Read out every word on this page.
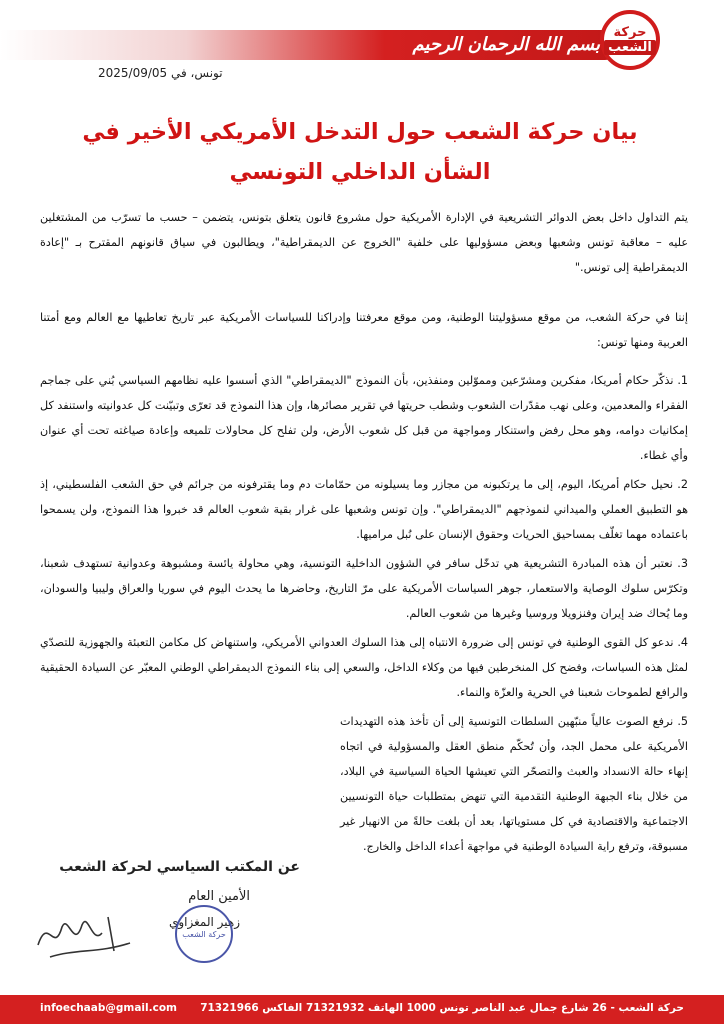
بسم الله الرحمان الرحيم
حركة
الشعب
تونس، في 2025/09/05
بيان حركة الشعب حول التدخل الأمريكي الأخير في الشأن الداخلي التونسي
يتم التداول داخل بعض الدوائر التشريعية في الإدارة الأمريكية حول مشروع قانون يتعلق بتونس، يتضمن – حسب ما تسرّب من المشتغلين عليه – معاقبة تونس وشعبها وبعض مسؤوليها على خلفية "الخروج عن الديمقراطية"، ويطالبون في سياق قانونهم المقترح بـ "إعادة الديمقراطية إلى تونس."
إننا في حركة الشعب، من موقع مسؤوليتنا الوطنية، ومن موقع معرفتنا وإدراكنا للسياسات الأمريكية عبر تاريخ تعاطيها مع العالم ومع أمتنا العربية ومنها تونس:
1. نذكّر حكام أمريكا، مفكرين ومشرّعين ومموّلين ومنفذين، بأن النموذج "الديمقراطي" الذي أسسوا عليه نظامهم السياسي بُني على جماجم الفقراء والمعدمين، وعلى نهب مقدّرات الشعوب وشطب حريتها في تقرير مصائرها، وإن هذا النموذج قد تعرّى وتبيّنت كل عدوانيته واستنفد كل إمكانيات دوامه، وهو محل رفض واستنكار ومواجهة من قبل كل شعوب الأرض، ولن تفلح كل محاولات تلميعه وإعادة صياغته تحت أي عنوان وأي غطاء.
2. نحيل حكام أمريكا، اليوم، إلى ما يرتكبونه من مجازر وما يسيلونه من حمّامات دم وما يقترفونه من جرائم في حق الشعب الفلسطيني، إذ هو التطبيق العملي والميداني لنموذجهم "الديمقراطي". وإن تونس وشعبها على غرار بقية شعوب العالم قد خبروا هذا النموذج، ولن يسمحوا باعتماده مهما تغلّف بمساحيق الحريات وحقوق الإنسان على نُبل مراميها.
3. نعتبر أن هذه المبادرة التشريعية هي تدخّل سافر في الشؤون الداخلية التونسية، وهي محاولة يائسة ومشبوهة وعدوانية تستهدف شعبنا، وتكرّس سلوك الوصاية والاستعمار، جوهر السياسات الأمريكية على مرّ التاريخ، وحاضرها ما يحدث اليوم في سوريا والعراق وليبيا والسودان، وما يُحاك ضد إيران وفنزويلا وروسيا وغيرها من شعوب العالم.
4. ندعو كل القوى الوطنية في تونس إلى ضرورة الانتباه إلى هذا السلوك العدواني الأمريكي، واستنهاض كل مكامن التعبئة والجهوزية للتصدّي لمثل هذه السياسات، وفضح كل المنخرطين فيها من وكلاء الداخل، والسعي إلى بناء النموذج الديمقراطي الوطني المعبّر عن السيادة الحقيقية والرافع لطموحات شعبنا في الحرية والعزّة والنماء.
5. نرفع الصوت عالياً منبّهين السلطات التونسية إلى أن تأخذ هذه التهديدات الأمريكية على محمل الجد، وأن تُحكّم منطق العقل والمسؤولية في اتجاه إنهاء حالة الانسداد والعبث والتصحّر التي تعيشها الحياة السياسية في البلاد، من خلال بناء الجبهة الوطنية التقدمية التي تنهض بمتطلبات حياة التونسيين الاجتماعية والاقتصادية في كل مستوياتها، بعد أن بلغت حالةً من الانهيار غير مسبوقة، وترفع راية السيادة الوطنية في مواجهة أعداء الداخل والخارج.
عن المكتب السياسي لحركة الشعب
الأمين العام
زهير المغزاوي
حركة الشعب
حركة الشعب - 26 شارع جمال عبد الناصر تونس 1000 الهاتف 71321932 الفاكس 71321966
infoechaab@gmail.com
